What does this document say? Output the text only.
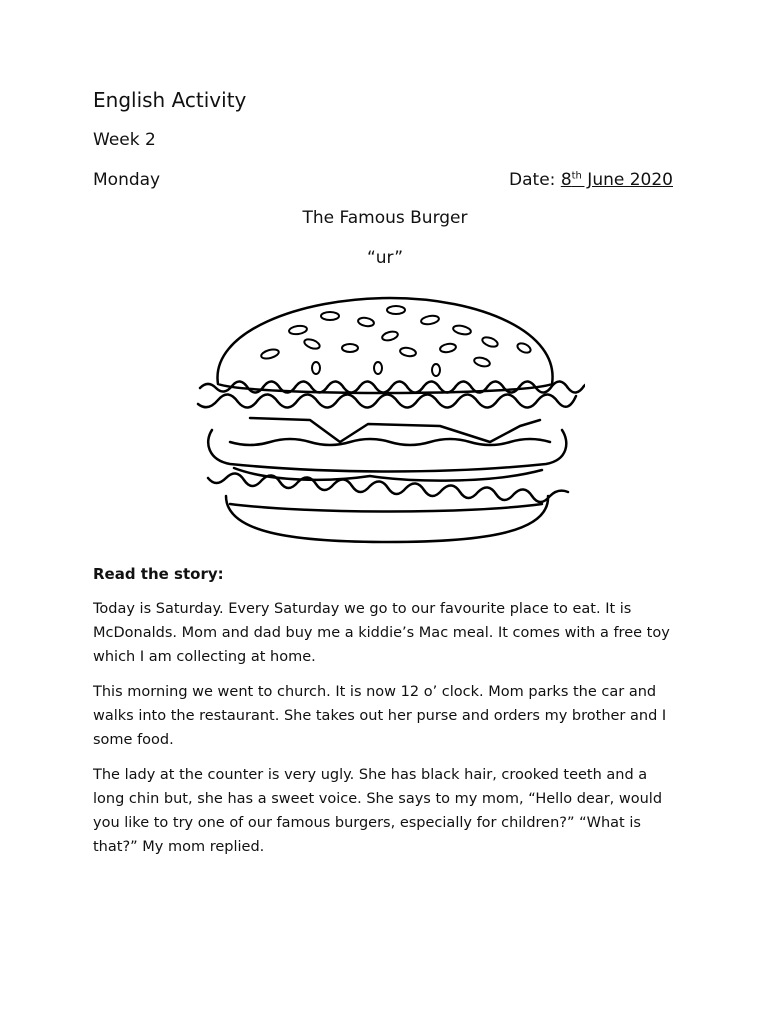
English Activity
Week 2
Monday	Date: 8th June 2020
The Famous Burger
“ur”
Read the story:

Today is Saturday. Every Saturday we go to our favourite place to eat. It is McDonalds. Mom and dad buy me a kiddie’s Mac meal. It comes with a free toy which I am collecting at home.

This morning we went to church. It is now 12 o’ clock. Mom parks the car and walks into the restaurant. She takes out her purse and orders my brother and I some food.

The lady at the counter is very ugly. She has black hair, crooked teeth and a long chin but, she has a sweet voice. She says to my mom, “Hello dear, would you like to try one of our famous burgers, especially for children?” “What is that?” My mom replied.
